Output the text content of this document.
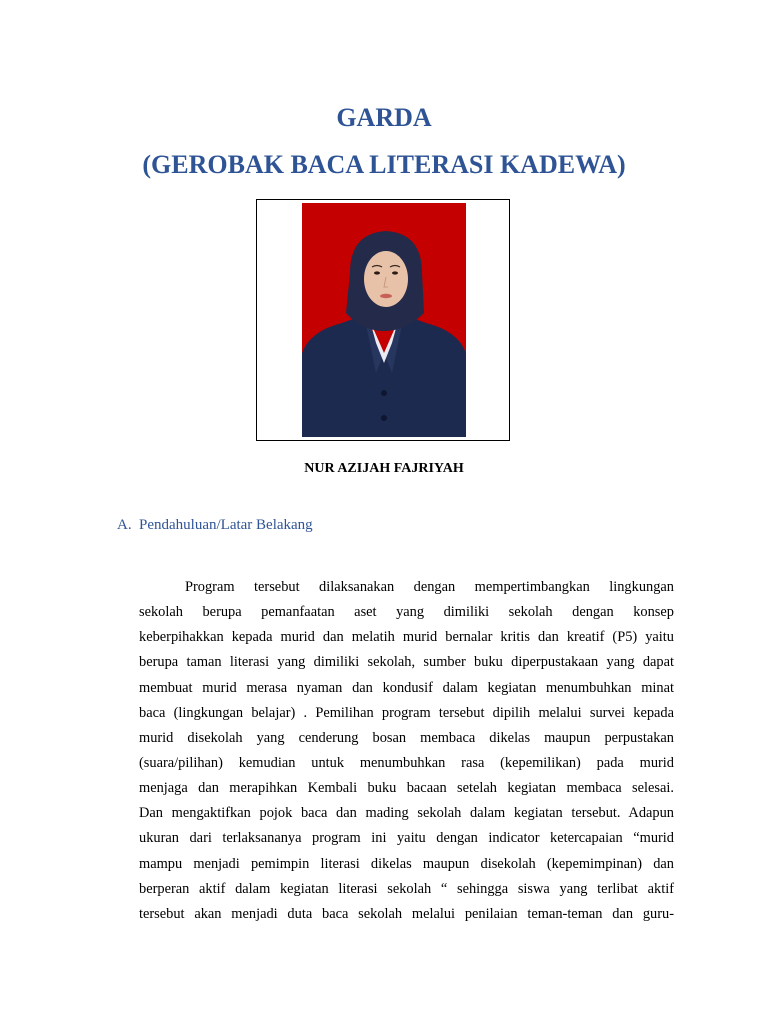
GARDA
(GEROBAK BACA LITERASI KADEWA)

NUR AZIJAH FAJRIYAH

A. Pendahuluan/Latar Belakang

Program tersebut dilaksanakan dengan mempertimbangkan lingkungan
sekolah berupa pemanfaatan aset yang dimiliki sekolah dengan konsep
keberpihakkan kepada murid dan melatih murid bernalar kritis dan kreatif (P5) yaitu
berupa taman literasi yang dimiliki sekolah, sumber buku diperpustakaan yang dapat
membuat murid merasa nyaman dan kondusif dalam kegiatan menumbuhkan minat
baca (lingkungan belajar) . Pemilihan program tersebut dipilih melalui survei kepada
murid disekolah yang cenderung bosan membaca dikelas maupun perpustakan
(suara/pilihan) kemudian untuk menumbuhkan rasa (kepemilikan) pada murid
menjaga dan merapihkan Kembali buku bacaan setelah kegiatan membaca selesai.
Dan mengaktifkan pojok baca dan mading sekolah dalam kegiatan tersebut. Adapun
ukuran dari terlaksananya program ini yaitu dengan indicator ketercapaian “murid
mampu menjadi pemimpin literasi dikelas maupun disekolah (kepemimpinan) dan
berperan aktif dalam kegiatan literasi sekolah “ sehingga siswa yang terlibat aktif
tersebut akan menjadi duta baca sekolah melalui penilaian teman-teman dan guru-
